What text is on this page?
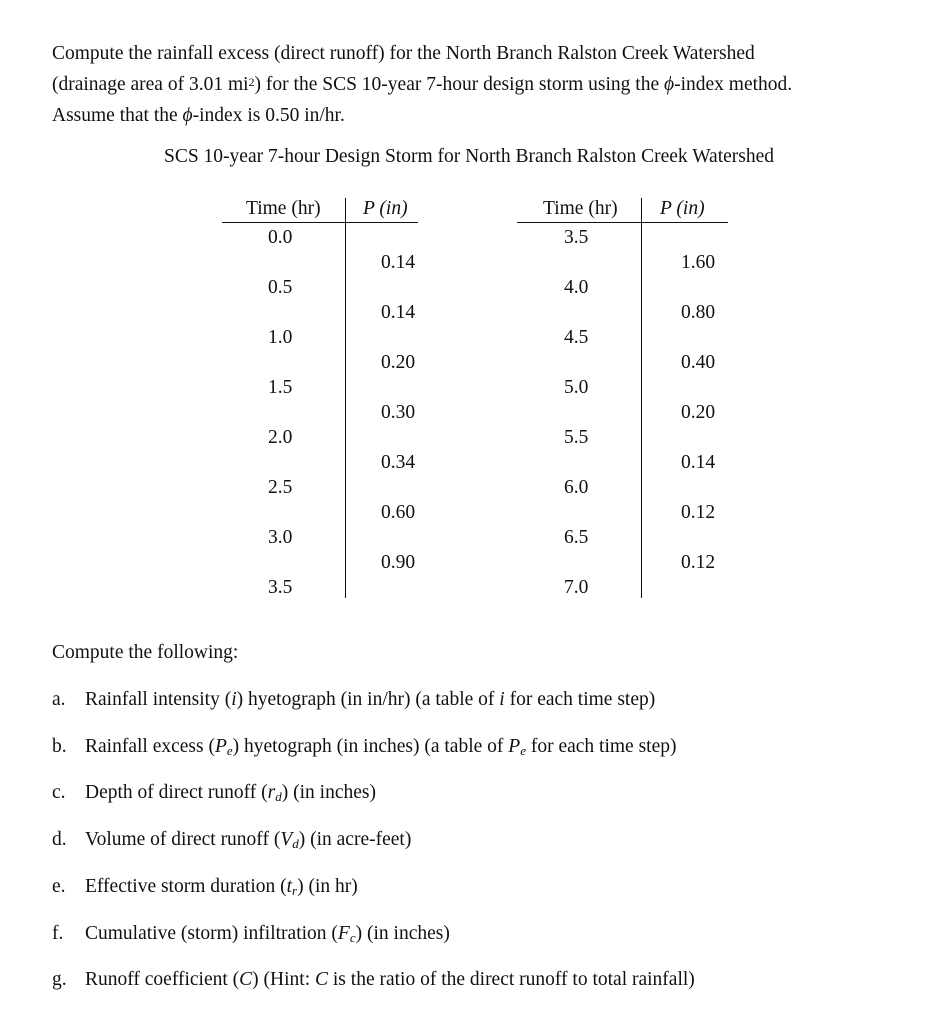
Compute the rainfall excess (direct runoff) for the North Branch Ralston Creek Watershed
(drainage area of 3.01 $mi^2$) for the SCS 10-year 7-hour design storm using the ϕ-index method.
Assume that the ϕ-index is 0.50 in/hr.
SCS 10-year 7-hour Design Storm for North Branch Ralston Creek Watershed
Time (hr) P (in)
0.0
0.5
1.0
1.5
2.0
2.5
3.0
3.5
0.14
0.14
0.20
0.30
0.34
0.60
0.90
Time (hr) P (in)
3.5
4.0
4.5
5.0
5.5
6.0
6.5
7.0
1.60
0.80
0.40
0.20
0.14
0.12
0.12
Compute the following:
a. Rainfall intensity (i) hyetograph (in in/hr) (a table of i for each time step)
b. Rainfall excess $(P_e)$ hyetograph (in inches) (a table of $P_e$ for each time step)
c. Depth of direct runoff $(r_d)$ (in inches)
d. Volume of direct runoff $(V_d)$ (in acre-feet)
e. Effective storm duration $(t_r)$ (in hr)
f. Cumulative (storm) infiltration $(F_c)$ (in inches)
g. Runoff coefficient (C) (Hint: C is the ratio of the direct runoff to total rainfall)
